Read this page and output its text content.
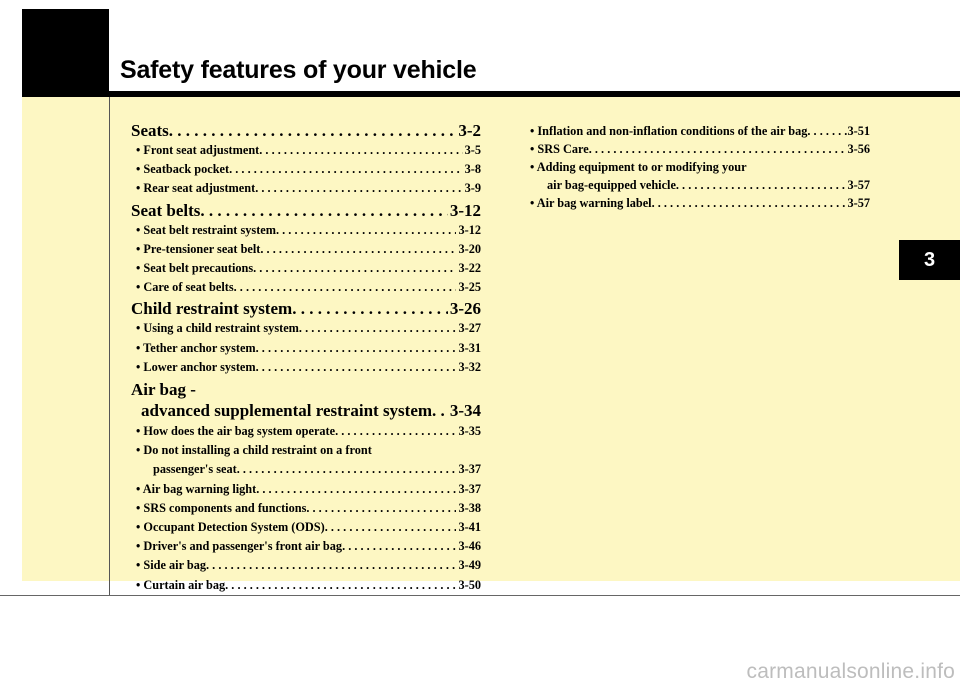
Safety features of your vehicle
3
Seats . . .	3-2
• Front seat adjustment . . .	3-5
• Seatback pocket . . .	3-8
• Rear seat adjustment . . .	3-9
Seat belts . . .	3-12
• Seat belt restraint system . . .	3-12
• Pre-tensioner seat belt . . .	3-20
• Seat belt precautions . . .	3-22
• Care of seat belts . . .	3-25
Child restraint system . . .	3-26
• Using a child restraint system . . .	3-27
• Tether anchor system . . .	3-31
• Lower anchor system . . .	3-32
Air bag -
advanced supplemental restraint system . . . 3-34
• How does the air bag system operate . . .	3-35
• Do not installing a child restraint on a front
passenger's seat . . .	3-37
• Air bag warning light . . .	3-37
• SRS components and functions . . .	3-38
• Occupant Detection System (ODS) . . .	3-41
• Driver's and passenger's front air bag . . .	3-46
• Side air bag . . .	3-49
• Curtain air bag . . .	3-50
• Inflation and non-inflation conditions of the air bag . . .	3-51
• SRS Care . . .	3-56
• Adding equipment to or modifying your
air bag-equipped vehicle . . .	3-57
• Air bag warning label . . .	3-57
carmanualsonline.info
